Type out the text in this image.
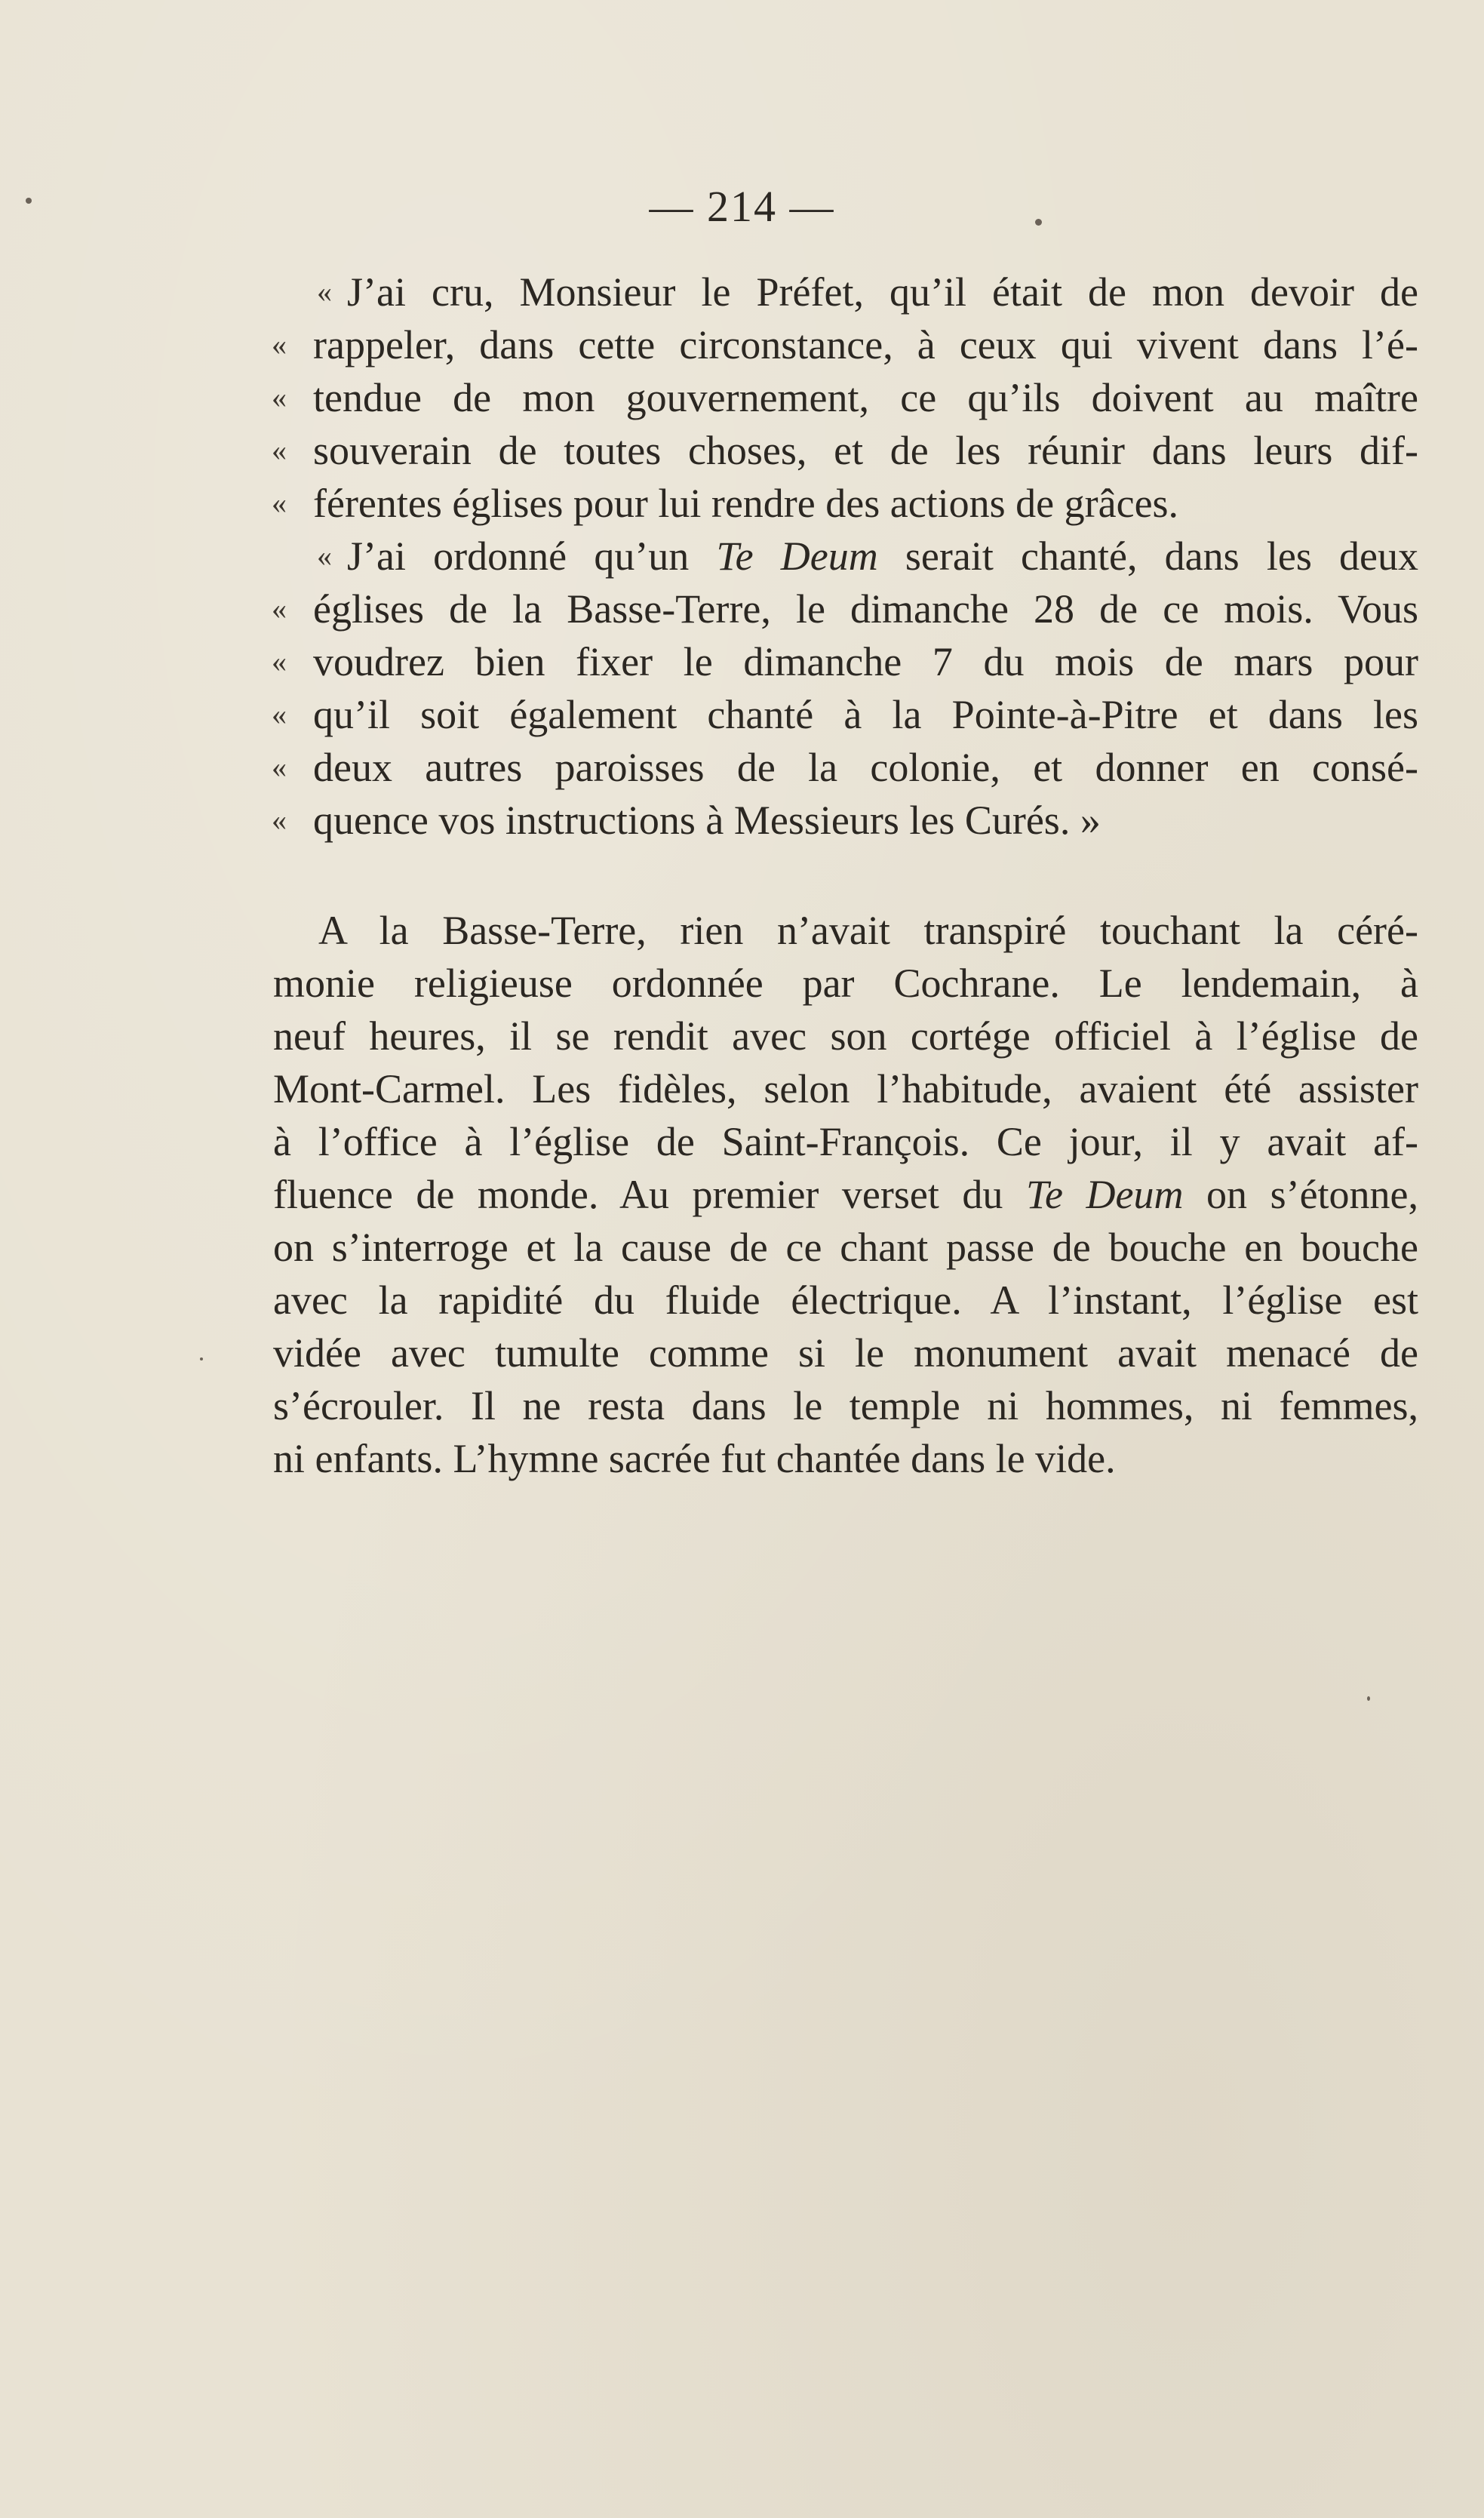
— 214 —
« J’ai cru, Monsieur le Préfet, qu’il était de mon devoir de
« rappeler, dans cette circonstance, à ceux qui vivent dans l’é-
« tendue de mon gouvernement, ce qu’ils doivent au maître
« souverain de toutes choses, et de les réunir dans leurs dif-
« férentes églises pour lui rendre des actions de grâces.
« J’ai ordonné qu’un Te Deum serait chanté, dans les deux
« églises de la Basse-Terre, le dimanche 28 de ce mois. Vous
« voudrez bien fixer le dimanche 7 du mois de mars pour
« qu’il soit également chanté à la Pointe-à-Pitre et dans les
« deux autres paroisses de la colonie, et donner en consé-
« quence vos instructions à Messieurs les Curés. »
A la Basse-Terre, rien n’avait transpiré touchant la céré-
monie religieuse ordonnée par Cochrane. Le lendemain, à
neuf heures, il se rendit avec son cortége officiel à l’église de
Mont-Carmel. Les fidèles, selon l’habitude, avaient été assister
à l’office à l’église de Saint-François. Ce jour, il y avait af-
fluence de monde. Au premier verset du Te Deum on s’étonne,
on s’interroge et la cause de ce chant passe de bouche en bouche
avec la rapidité du fluide électrique. A l’instant, l’église est
vidée avec tumulte comme si le monument avait menacé de
s’écrouler. Il ne resta dans le temple ni hommes, ni femmes,
ni enfants. L’hymne sacrée fut chantée dans le vide.
